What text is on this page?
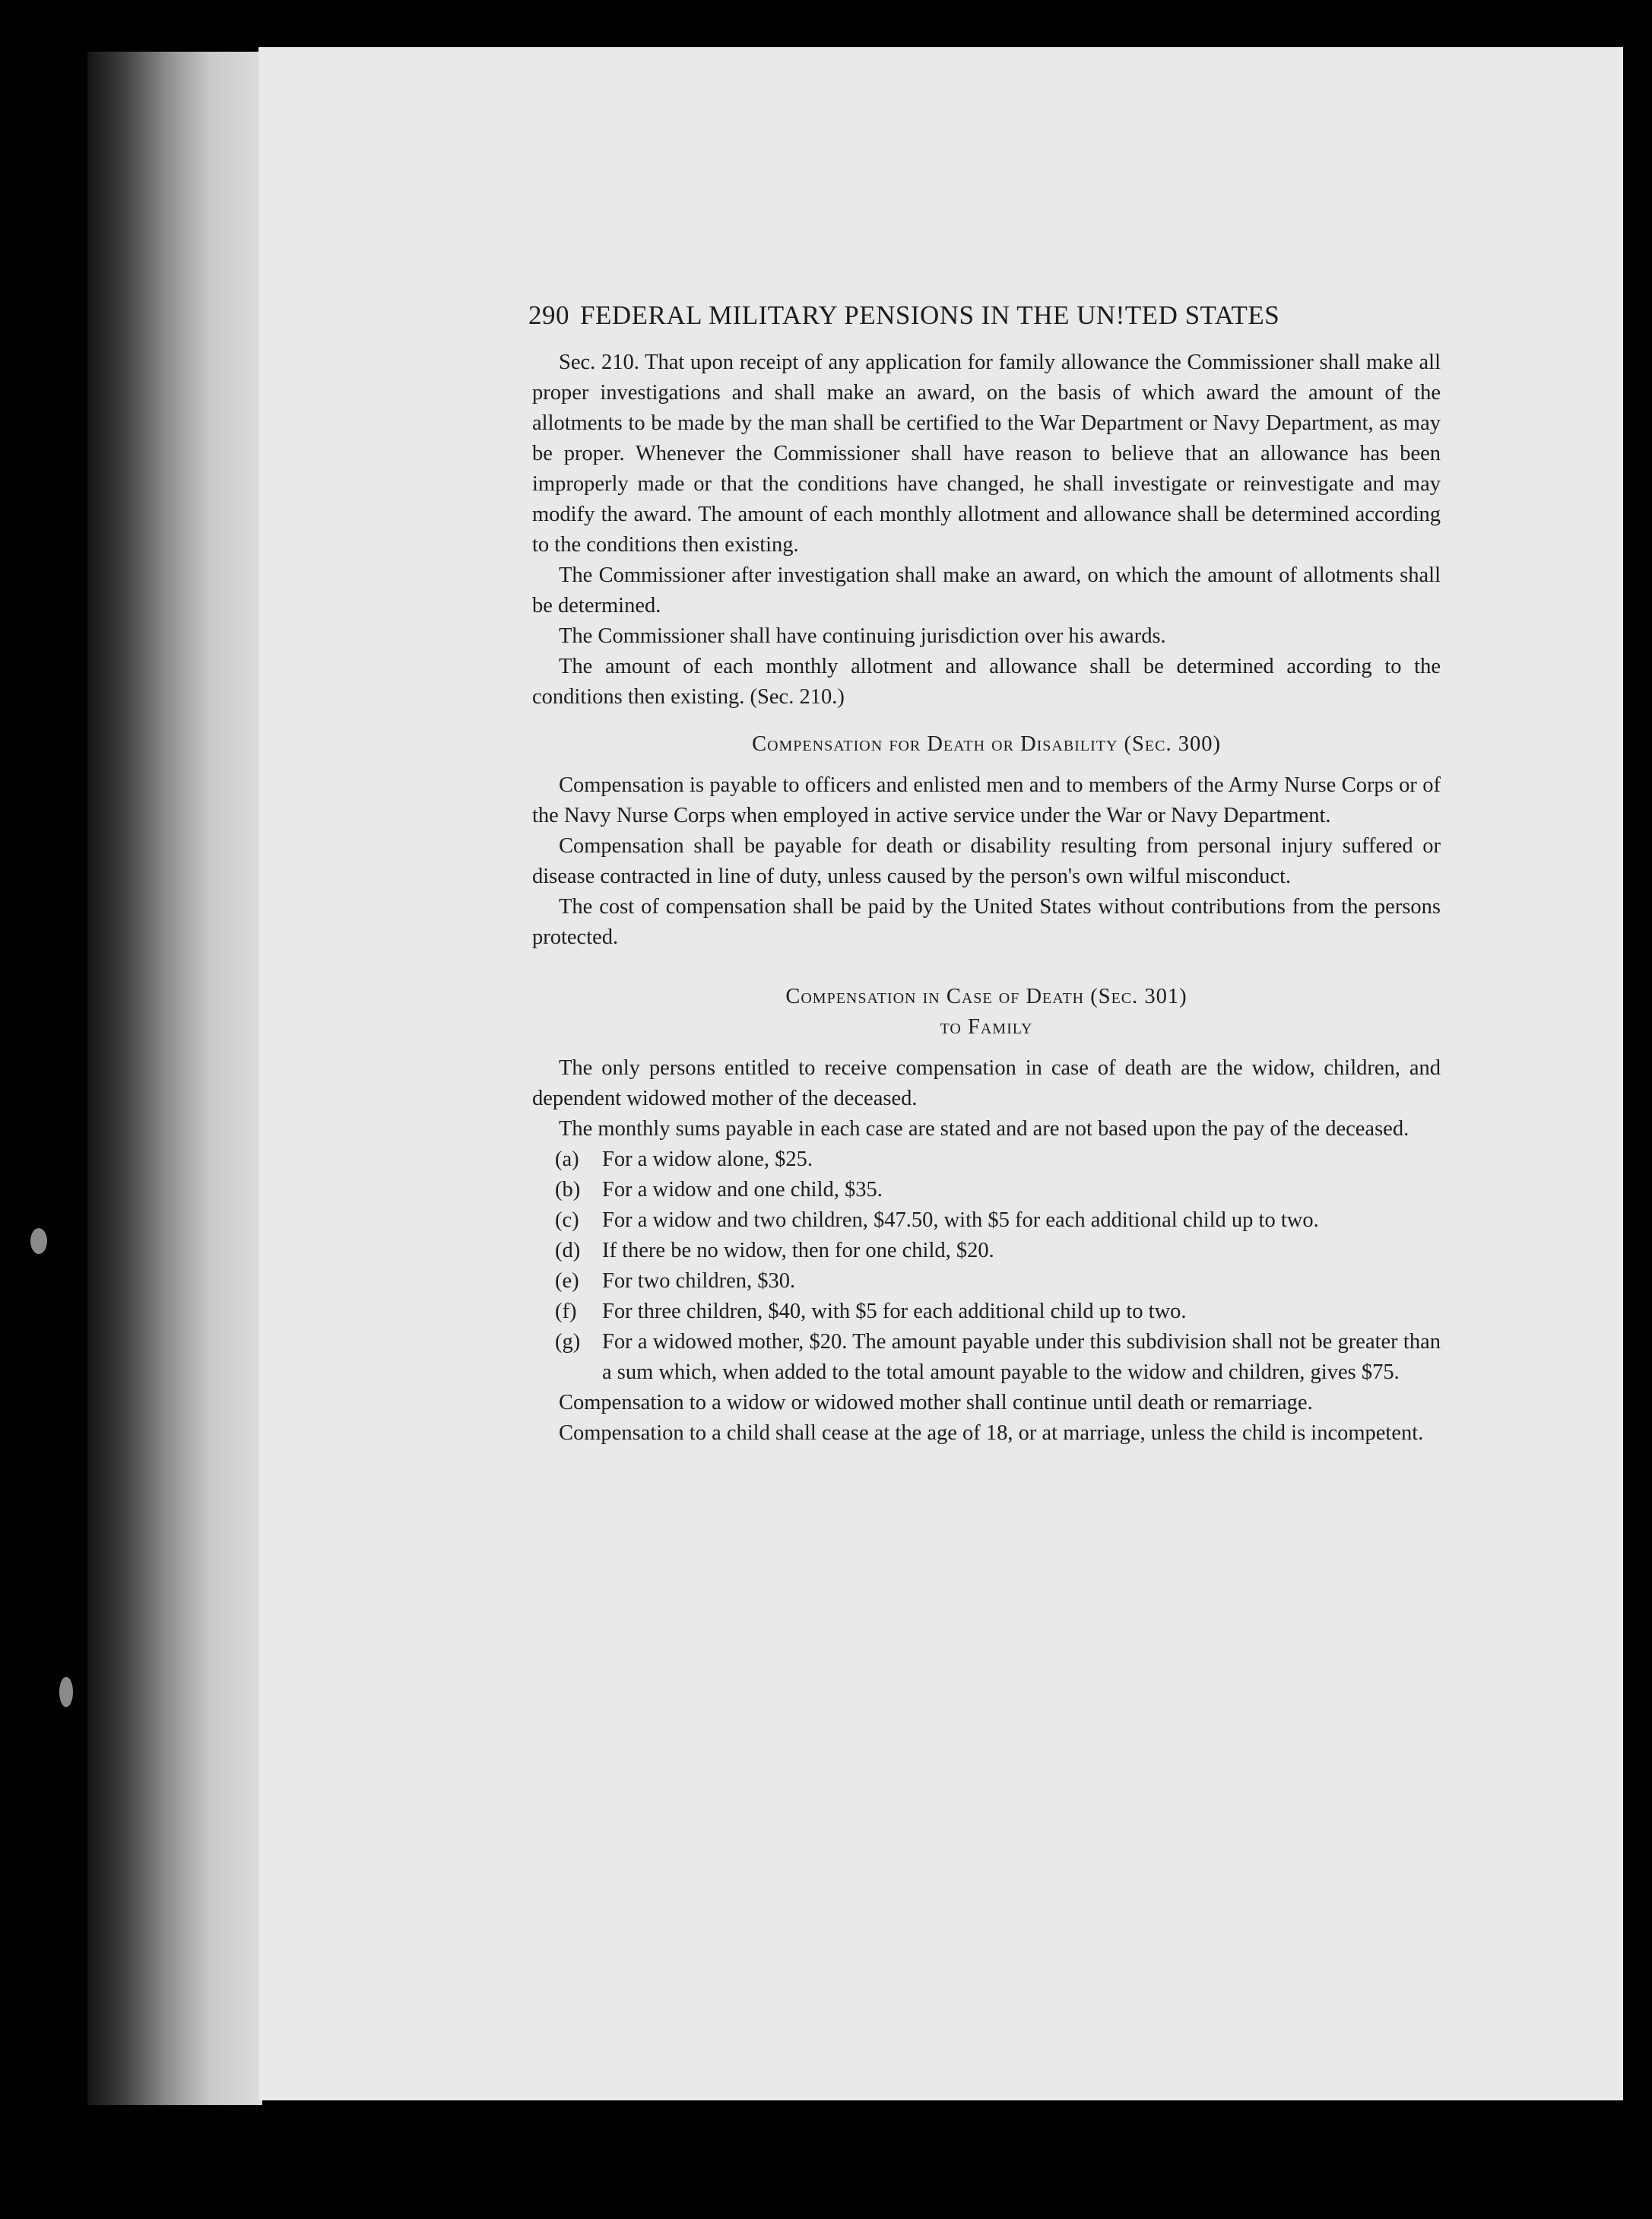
290 FEDERAL MILITARY PENSIONS IN THE UN!TED STATES

Sec. 210. That upon receipt of any application for family allowance the Commissioner shall make all proper investigations and shall make an award, on the basis of which award the amount of the allotments to be made by the man shall be certified to the War Department or Navy Department, as may be proper. Whenever the Commissioner shall have reason to believe that an allowance has been improperly made or that the conditions have changed, he shall investigate or reinvestigate and may modify the award. The amount of each monthly allotment and allowance shall be determined according to the conditions then existing.

The Commissioner after investigation shall make an award, on which the amount of allotments shall be determined.

The Commissioner shall have continuing jurisdiction over his awards.

The amount of each monthly allotment and allowance shall be determined according to the conditions then existing. (Sec. 210.)

Compensation for Death or Disability (Sec. 300)

Compensation is payable to officers and enlisted men and to members of the Army Nurse Corps or of the Navy Nurse Corps when employed in active service under the War or Navy Department.

Compensation shall be payable for death or disability resulting from personal injury suffered or disease contracted in line of duty, unless caused by the person's own wilful misconduct.

The cost of compensation shall be paid by the United States without contributions from the persons protected.

Compensation in Case of Death (Sec. 301)
to Family

The only persons entitled to receive compensation in case of death are the widow, children, and dependent widowed mother of the deceased.

The monthly sums payable in each case are stated and are not based upon the pay of the deceased.

(a)	For a widow alone, $25.
(b)	For a widow and one child, $35.
(c)	For a widow and two children, $47.50, with $5 for each additional child up to two.
(d)	If there be no widow, then for one child, $20.
(e)	For two children, $30.
(f)	For three children, $40, with $5 for each additional child up to two.
(g)	For a widowed mother, $20. The amount payable under this subdivision shall not be greater than a sum which, when added to the total amount payable to the widow and children, gives $75.

Compensation to a widow or widowed mother shall continue until death or remarriage.

Compensation to a child shall cease at the age of 18, or at marriage, unless the child is incompetent.
